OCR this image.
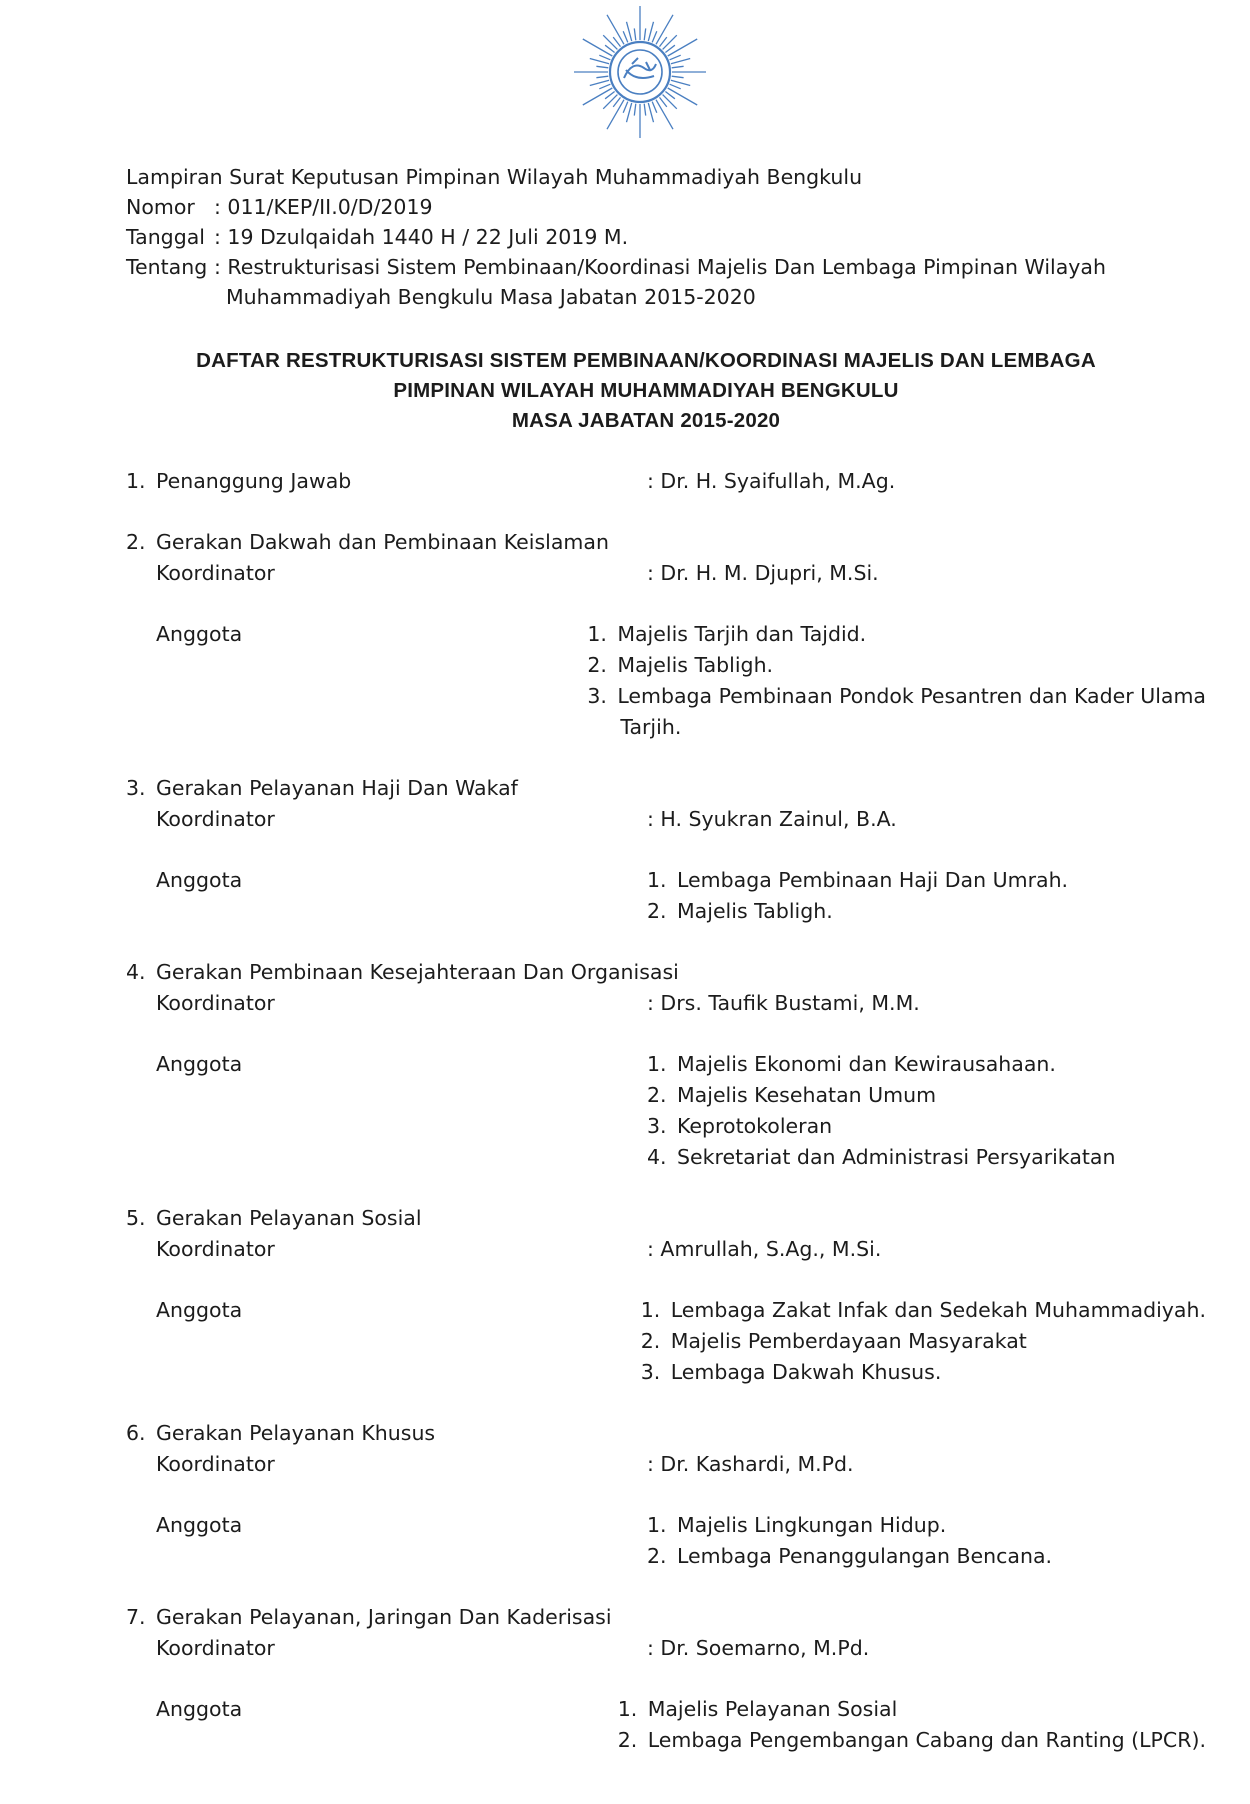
Lampiran Surat Keputusan Pimpinan Wilayah Muhammadiyah Bengkulu
Nomor : 011/KEP/II.0/D/2019
Tanggal : 19 Dzulqaidah 1440 H / 22 Juli 2019 M.
Tentang : Restrukturisasi Sistem Pembinaan/Koordinasi Majelis Dan Lembaga Pimpinan Wilayah
Muhammadiyah Bengkulu Masa Jabatan 2015-2020
DAFTAR RESTRUKTURISASI SISTEM PEMBINAAN/KOORDINASI MAJELIS DAN LEMBAGA
PIMPINAN WILAYAH MUHAMMADIYAH BENGKULU
MASA JABATAN 2015-2020
1. Penanggung Jawab	: Dr. H. Syaifullah, M.Ag.
2. Gerakan Dakwah dan Pembinaan Keislaman
Koordinator	: Dr. H. M. Djupri, M.Si.
Anggota	1. Majelis Tarjih dan Tajdid.
2. Majelis Tabligh.
3. Lembaga Pembinaan Pondok Pesantren dan Kader Ulama
Tarjih.
3. Gerakan Pelayanan Haji Dan Wakaf
Koordinator	: H. Syukran Zainul, B.A.
Anggota	1. Lembaga Pembinaan Haji Dan Umrah.
2. Majelis Tabligh.
4. Gerakan Pembinaan Kesejahteraan Dan Organisasi
Koordinator	: Drs. Taufik Bustami, M.M.
Anggota	1. Majelis Ekonomi dan Kewirausahaan.
2. Majelis Kesehatan Umum
3. Keprotokoleran
4. Sekretariat dan Administrasi Persyarikatan
5. Gerakan Pelayanan Sosial
Koordinator	: Amrullah, S.Ag., M.Si.
Anggota	1. Lembaga Zakat Infak dan Sedekah Muhammadiyah.
2. Majelis Pemberdayaan Masyarakat
3. Lembaga Dakwah Khusus.
6. Gerakan Pelayanan Khusus
Koordinator	: Dr. Kashardi, M.Pd.
Anggota	1. Majelis Lingkungan Hidup.
2. Lembaga Penanggulangan Bencana.
7. Gerakan Pelayanan, Jaringan Dan Kaderisasi
Koordinator	: Dr. Soemarno, M.Pd.
Anggota	1. Majelis Pelayanan Sosial
2. Lembaga Pengembangan Cabang dan Ranting (LPCR).
